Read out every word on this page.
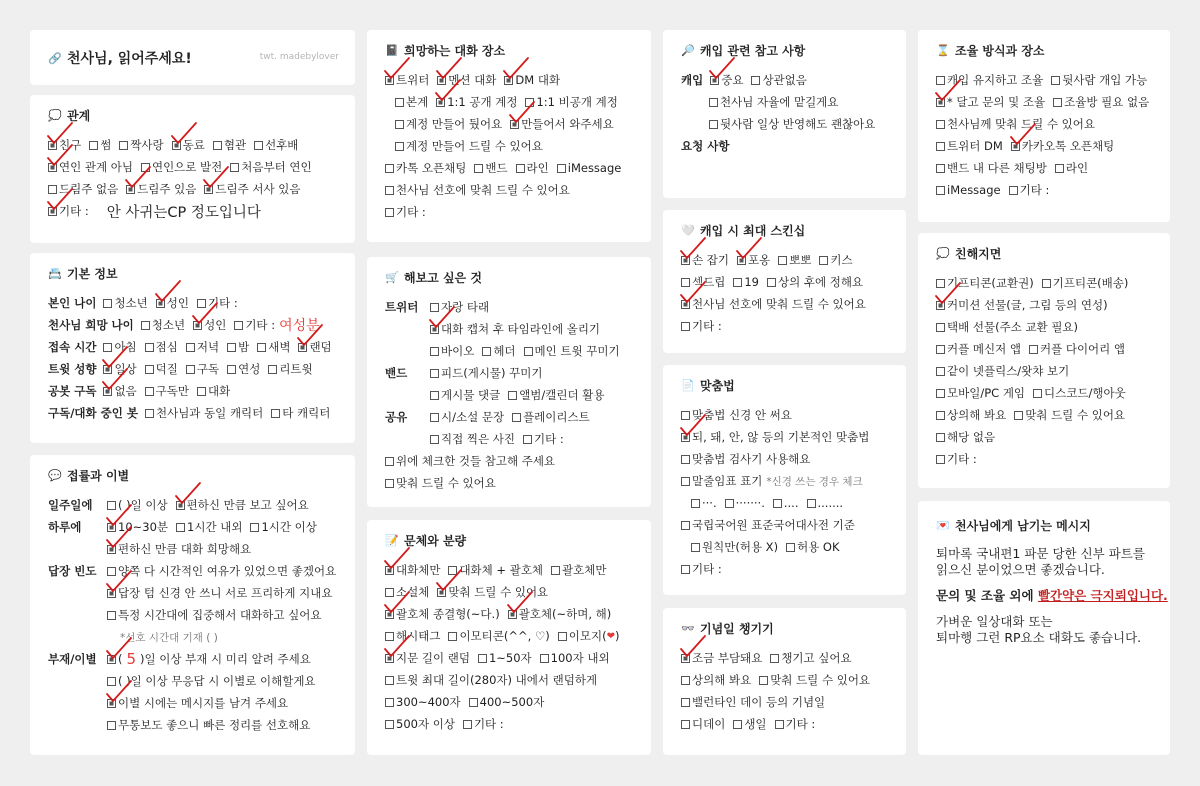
🔗 천사님, 읽어주세요!	twt. madebylover
💭 관계
친구 썸 짝사랑 동료 혐관 선후배
연인 관계 아님 연인으로 발전 처음부터 연인
드림주 없음 드림주 있음 드림주 서사 있음
기타 : 안 사귀는CP 정도입니다
📇 기본 정보
본인 나이 청소년 성인 기타 :
천사님 희망 나이 청소년 성인 기타 : 여성분
접속 시간 아침 점심 저녁 밤 새벽 랜덤
트윗 성향 일상 덕질 구독 연성 리트윗
공봇 구독 없음 구독만 대화
구독/대화 중인 봇 천사님과 동일 캐릭터 타 캐릭터
💬 접률과 이별
일주일에	( )일 이상 편하신 만큼 보고 싶어요
하루에	10~30분 1시간 내외 1시간 이상
편하신 만큼 대화 희망해요
답장 빈도	양쪽 다 시간적인 여유가 있었으면 좋겠어요
답장 텀 신경 안 쓰니 서로 프리하게 지내요
특정 시간대에 집중해서 대화하고 싶어요
*선호 시간대 기재 ( )
부재/이별 ( 5 )일 이상 부재 시 미리 알려 주세요
( )일 이상 무응답 시 이별로 이해할게요
이별 시에는 메시지를 남겨 주세요
무통보도 좋으니 빠른 정리를 선호해요
📓 희망하는 대화 장소
트위터 멘션 대화 DM 대화
본계 1:1 공개 계정 1:1 비공개 계정
계정 만들어 뒀어요 만들어서 와주세요
계정 만들어 드릴 수 있어요
카톡 오픈채팅 밴드 라인 iMessage
천사님 선호에 맞춰 드릴 수 있어요
기타 :
🛒 해보고 싶은 것
트위터	자랑 타래
대화 캡쳐 후 타임라인에 올리기
바이오 헤더 메인 트윗 꾸미기
밴드	피드(게시물) 꾸미기
게시물 댓글 앨범/캘린더 활용
공유	시/소설 문장 플레이리스트
직접 찍은 사진 기타 :
위에 체크한 것들 참고해 주세요
맞춰 드릴 수 있어요
📝 문체와 분량
대화체만 대화체 + 괄호체 괄호체만
소설체 맞춰 드릴 수 있어요
괄호체 종결형(~다.) 괄호체(~하며, 해)
해시태그 이모티콘(^^, ♡) 이모지( ❤ )
지문 길이 랜덤 1~50자 100자 내외
트윗 최대 길이(280자) 내에서 랜덤하게
300~400자 400~500자
500자 이상 기타 :
🔎 캐입 관련 참고 사항
캐입 중요 상관없음
천사님 자율에 맡길게요
뒷사람 일상 반영해도 괜찮아요
요청 사항
🤍 캐입 시 최대 스킨십
손 잡기 포옹 뽀뽀 키스
섹드립 19 상의 후에 정해요
천사님 선호에 맞춰 드릴 수 있어요
기타 :
📄 맞춤법
맞춤법 신경 안 써요
되, 돼, 안, 않 등의 기본적인 맞춤법
맞춤법 검사기 사용해요
말줄임표 표기 *신경 쓰는 경우 체크
···. ·······. .... .......
국립국어원 표준국어대사전 기준
원칙만(허용 X) 허용 OK
기타 :
👓 기념일 챙기기
조금 부담돼요 챙기고 싶어요
상의해 봐요 맞춰 드릴 수 있어요
밸런타인 데이 등의 기념일
디데이 생일 기타 :
⌛ 조율 방식과 장소
캐입 유지하고 조율 뒷사람 개입 가능
* 달고 문의 및 조율 조율방 필요 없음
천사님께 맞춰 드릴 수 있어요
트위터 DM 카카오톡 오픈채팅
밴드 내 다른 채팅방 라인
iMessage 기타 :
💭 친해지면
기프티콘(교환권) 기프티콘(배송)
커미션 선물(글, 그림 등의 연성)
택배 선물(주소 교환 필요)
커플 메신저 앱 커플 다이어리 앱
같이 넷플릭스/왓챠 보기
모바일/PC 게임 디스코드/행아웃
상의해 봐요 맞춰 드릴 수 있어요
해당 없음
기타 :
💌 천사님에게 남기는 메시지

퇴마록 국내편1 파문 당한 신부 파트를

읽으신 분이었으면 좋겠습니다.

문의 및 조율 외에 빨간약은 극지뢰입니다.

가벼운 일상대화 또는

퇴마행 그런 RP요소 대화도 좋습니다.
